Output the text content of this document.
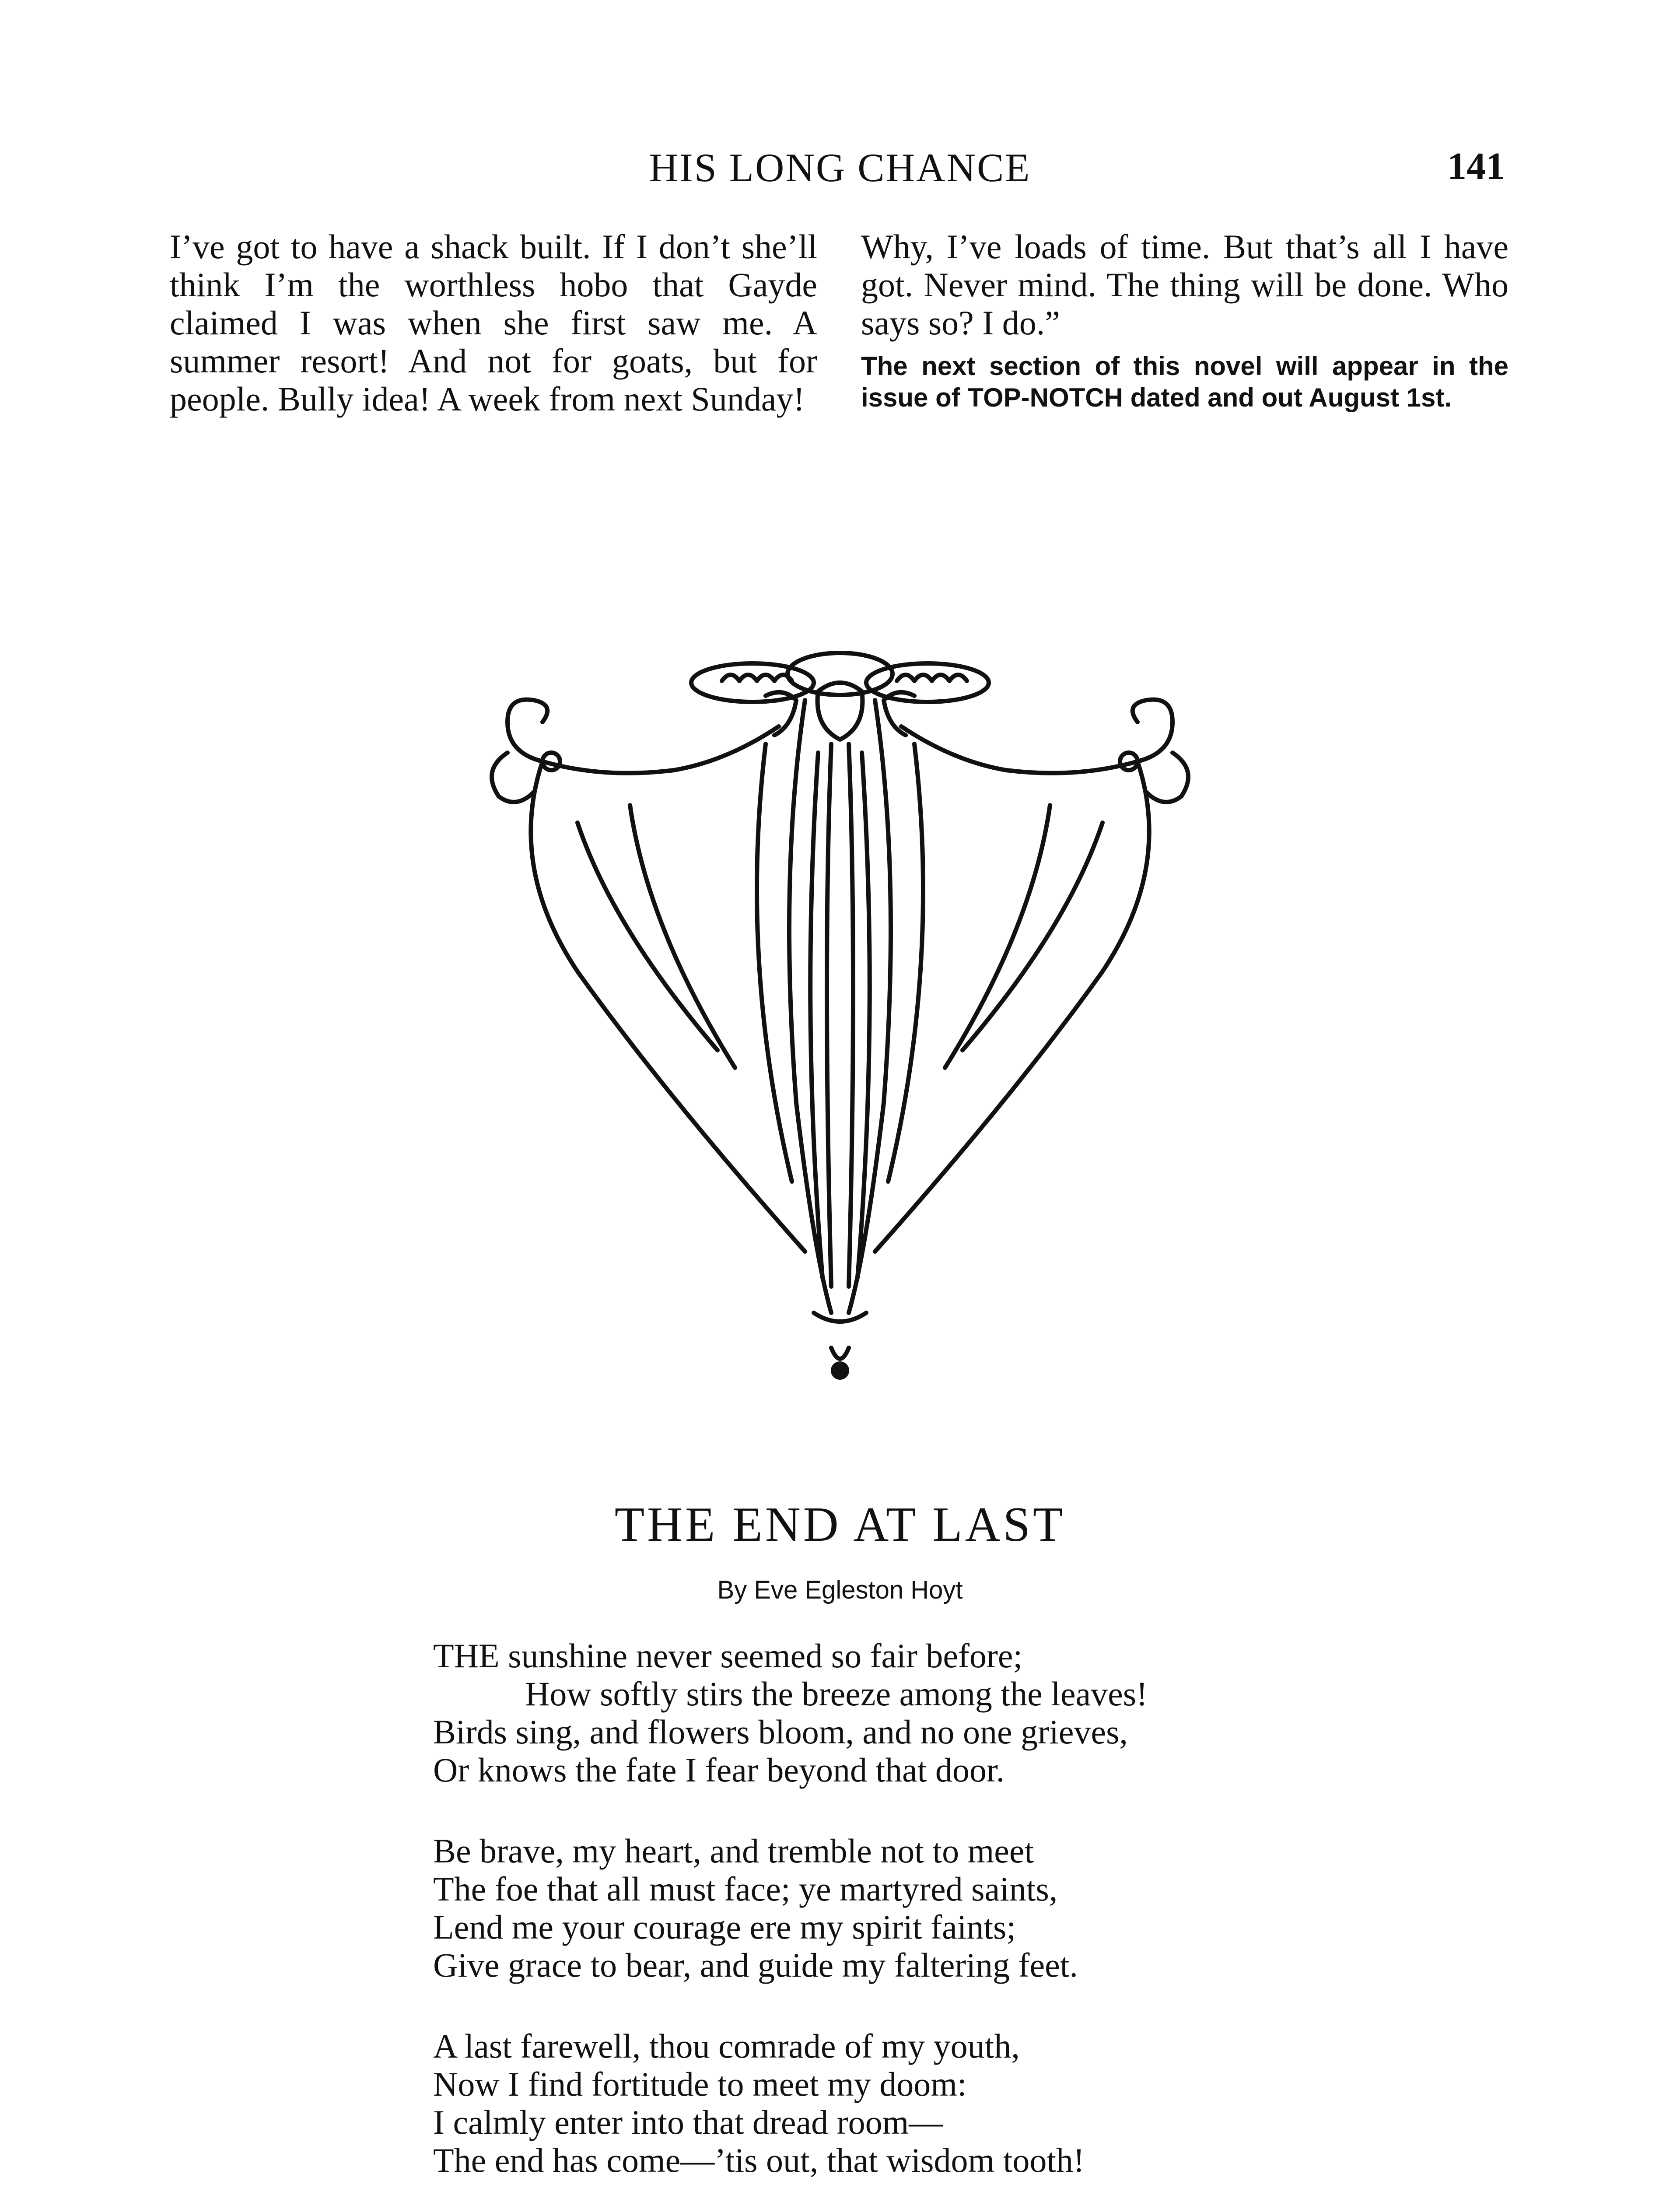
HIS LONG CHANCE	141

I’ve got to have a shack built. If I don’t she’ll think I’m the worthless hobo that Gayde claimed I was when she first saw me. A summer resort! And not for goats, but for people. Bully idea! A week from next Sunday!

Why, I’ve loads of time. But that’s all I have got. Never mind. The thing will be done. Who says so? I do.”

The next section of this novel will appear in the issue of TOP-NOTCH dated and out August 1st.

THE END AT LAST
By Eve Egleston Hoyt
THE sunshine never seemed so fair before;
How softly stirs the breeze among the leaves!
Birds sing, and flowers bloom, and no one grieves,
Or knows the fate I fear beyond that door.
Be brave, my heart, and tremble not to meet
The foe that all must face; ye martyred saints,
Lend me your courage ere my spirit faints;
Give grace to bear, and guide my faltering feet.
A last farewell, thou comrade of my youth,
Now I find fortitude to meet my doom:
I calmly enter into that dread room—
The end has come—’tis out, that wisdom tooth!
